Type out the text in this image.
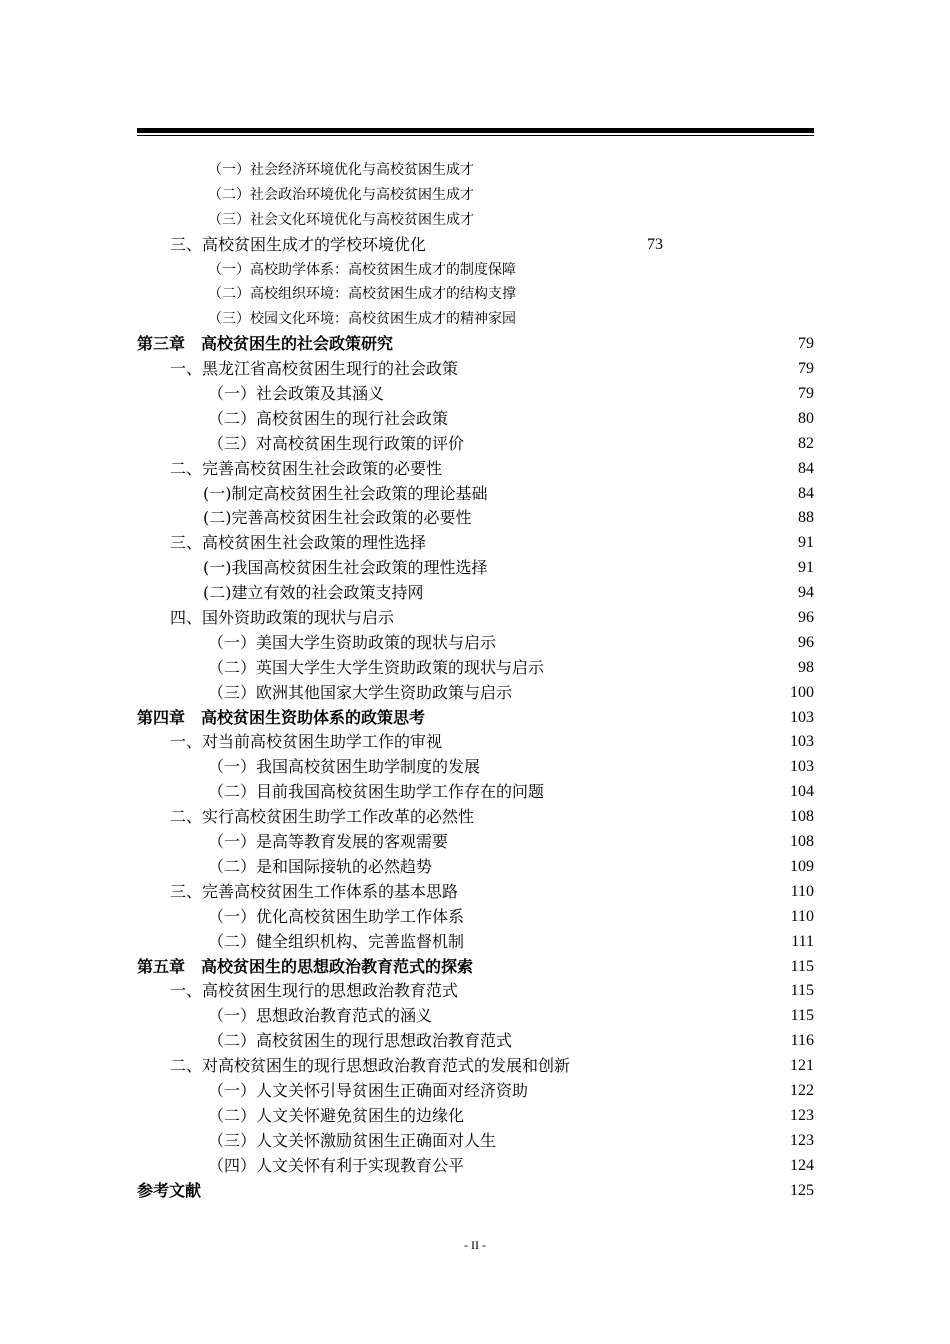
（一）社会经济环境优化与高校贫困生成才
（二）社会政治环境优化与高校贫困生成才
（三）社会文化环境优化与高校贫困生成才
三、高校贫困生成才的学校环境优化	73
（一）高校助学体系：高校贫困生成才的制度保障
（二）高校组织环境：高校贫困生成才的结构支撑
（三）校园文化环境：高校贫困生成才的精神家园
第三章　高校贫困生的社会政策研究	79
一、黑龙江省高校贫困生现行的社会政策	79
（一）社会政策及其涵义	79
（二）高校贫困生的现行社会政策	80
（三）对高校贫困生现行政策的评价	82
二、完善高校贫困生社会政策的必要性	84
(一)制定高校贫困生社会政策的理论基础	84
(二)完善高校贫困生社会政策的必要性	88
三、高校贫困生社会政策的理性选择	91
(一)我国高校贫困生社会政策的理性选择	91
(二)建立有效的社会政策支持网	94
四、国外资助政策的现状与启示	96
（一）美国大学生资助政策的现状与启示	96
（二）英国大学生大学生资助政策的现状与启示	98
（三）欧洲其他国家大学生资助政策与启示	100
第四章　高校贫困生资助体系的政策思考	103
一、对当前高校贫困生助学工作的审视	103
（一）我国高校贫困生助学制度的发展	103
（二）目前我国高校贫困生助学工作存在的问题	104
二、实行高校贫困生助学工作改革的必然性	108
（一）是高等教育发展的客观需要	108
（二）是和国际接轨的必然趋势	109
三、完善高校贫困生工作体系的基本思路	110
（一）优化高校贫困生助学工作体系	110
（二）健全组织机构、完善监督机制	111
第五章　高校贫困生的思想政治教育范式的探索	115
一、高校贫困生现行的思想政治教育范式	115
（一）思想政治教育范式的涵义	115
（二）高校贫困生的现行思想政治教育范式	116
二、对高校贫困生的现行思想政治教育范式的发展和创新	121
（一）人文关怀引导贫困生正确面对经济资助	122
（二）人文关怀避免贫困生的边缘化	123
（三）人文关怀激励贫困生正确面对人生	123
（四）人文关怀有利于实现教育公平	124
参考文献	125
- II -
